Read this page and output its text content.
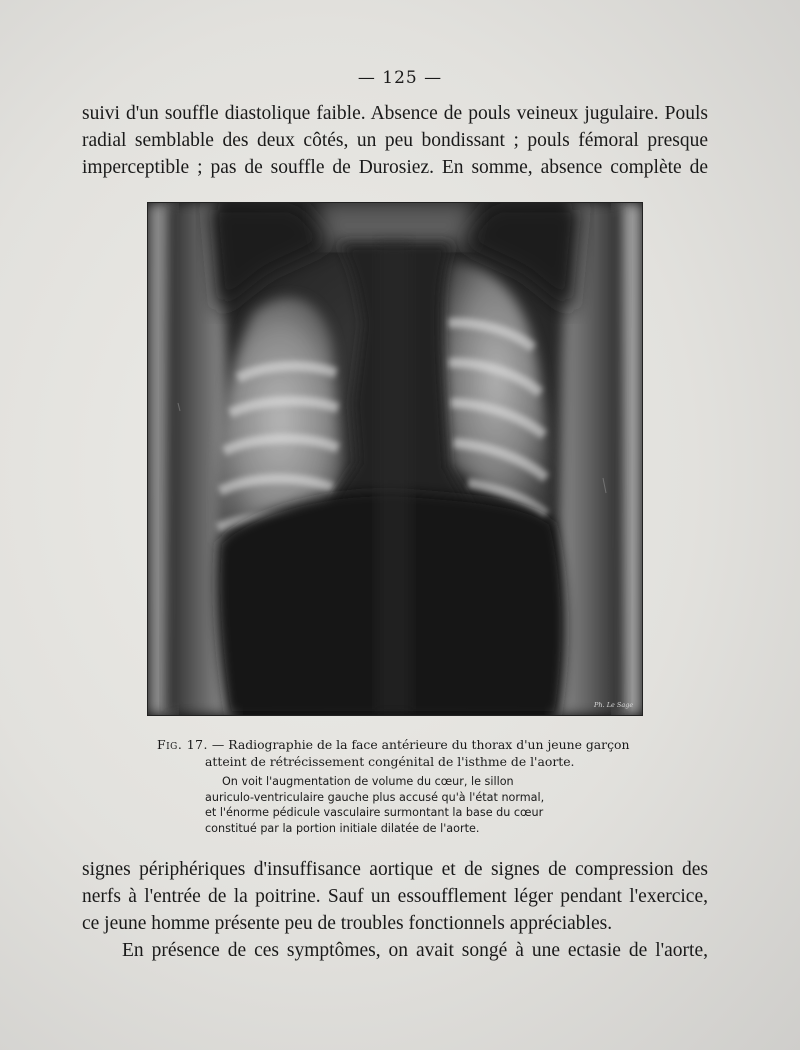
— 125 —
suivi d'un souffle diastolique faible. Absence de pouls veineux jugulaire. Pouls
radial semblable des deux côtés, un peu bondissant ; pouls fémoral presque
imperceptible ; pas de souffle de Durosiez. En somme, absence complète de
Ph. Le Sage
Fig. 17. — Radiographie de la face antérieure du thorax d'un jeune garçon
atteint de rétrécissement congénital de l'isthme de l'aorte.
On voit l'augmentation de volume du cœur, le sillon
auriculo-ventriculaire gauche plus accusé qu'à l'état normal,
et l'énorme pédicule vasculaire surmontant la base du cœur
constitué par la portion initiale dilatée de l'aorte.
signes périphériques d'insuffisance aortique et de signes de compression des
nerfs à l'entrée de la poitrine. Sauf un essoufflement léger pendant l'exercice,
ce jeune homme présente peu de troubles fonctionnels appréciables.
En présence de ces symptômes, on avait songé à une ectasie de l'aorte,
